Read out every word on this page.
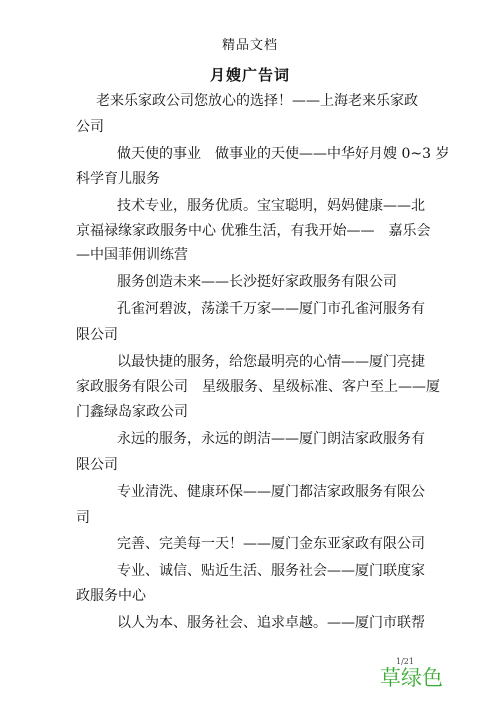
精品文档
月嫂广告词
老来乐家政公司您放心的选择！——上海老来乐家政
公司
做天使的事业　做事业的天使——中华好月嫂 0~3 岁
科学育儿服务
技术专业，服务优质。宝宝聪明，妈妈健康——北
京福禄缘家政服务中心 优雅生活，有我开始——　嘉乐会
—中国菲佣训练营
服务创造未来——长沙挺好家政服务有限公司
孔雀河碧波，荡漾千万家——厦门市孔雀河服务有
限公司
以最快捷的服务，给您最明亮的心情——厦门亮捷
家政服务有限公司　星级服务、星级标准、客户至上——厦
门鑫绿岛家政公司
永远的服务，永远的朗洁——厦门朗洁家政服务有
限公司
专业清洗、健康环保——厦门都洁家政服务有限公
司
完善、完美每一天！——厦门金东亚家政有限公司
专业、诚信、贴近生活、服务社会——厦门联度家
政服务中心
以人为本、服务社会、追求卓越。——厦门市联帮
1/21
草绿色
